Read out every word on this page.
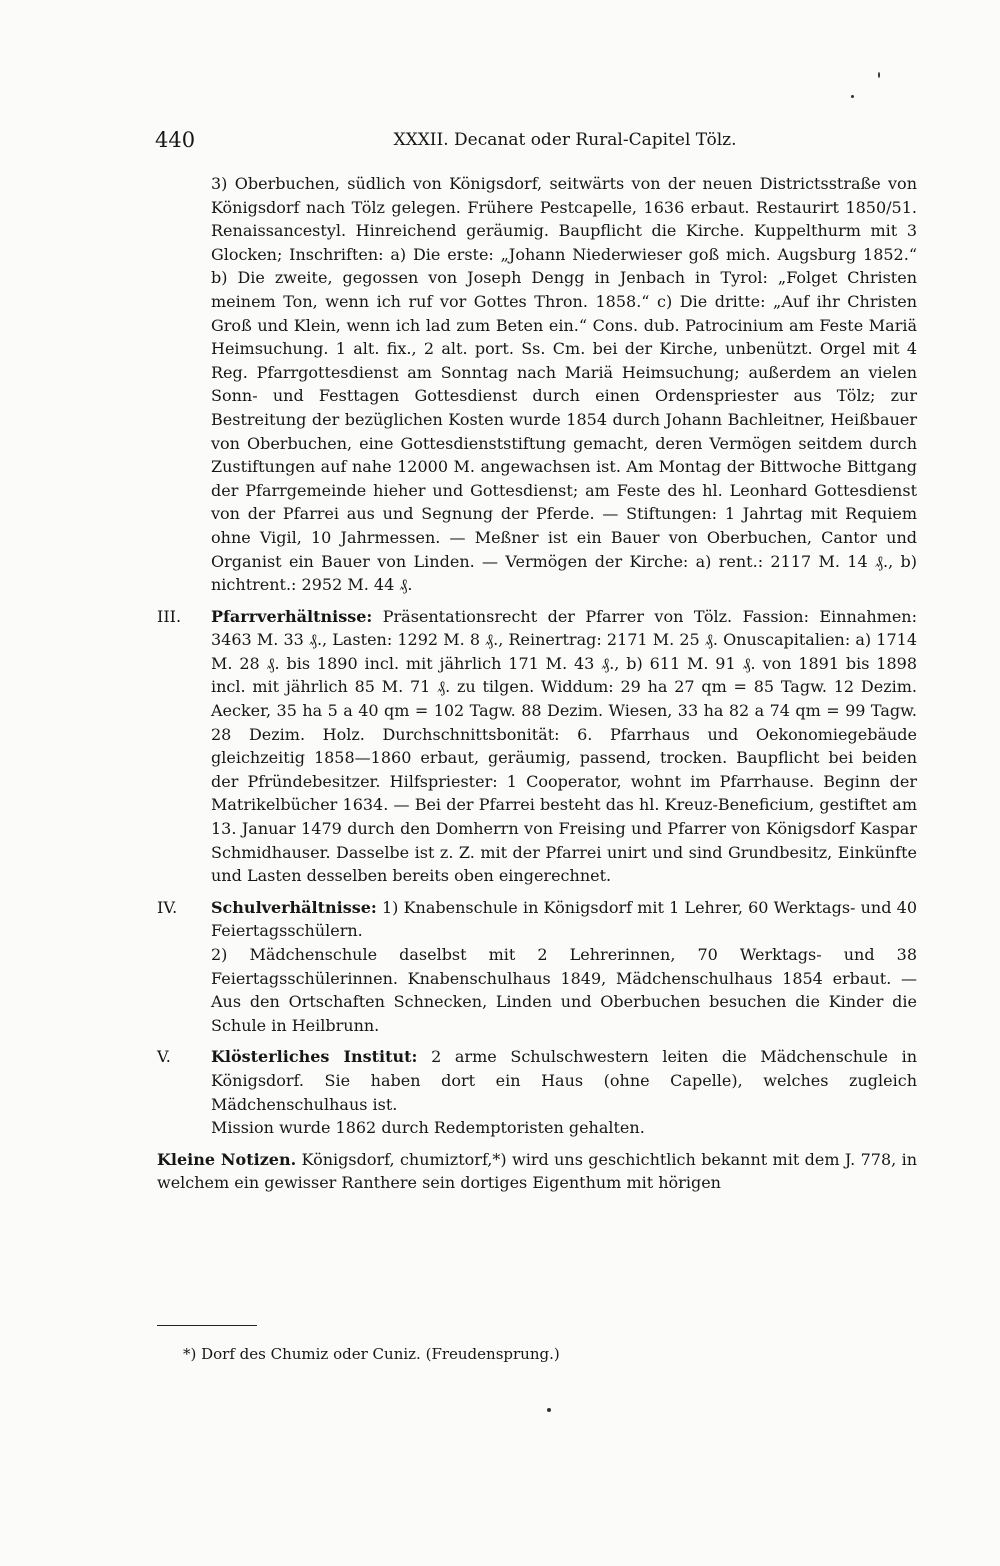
440	XXXII. Decanat oder Rural-Capitel Tölz.

3) Oberbuchen, südlich von Königsdorf, seitwärts von der neuen Districtsstraße von Königsdorf nach Tölz gelegen. Frühere Pestcapelle, 1636 erbaut. Restaurirt 1850/51. Renaissancestyl. Hinreichend geräumig. Baupflicht die Kirche. Kuppelthurm mit 3 Glocken; Inschriften: a) Die erste: „Johann Niederwieser goß mich. Augsburg 1852.“ b) Die zweite, gegossen von Joseph Dengg in Jenbach in Tyrol: „Folget Christen meinem Ton, wenn ich ruf vor Gottes Thron. 1858.“ c) Die dritte: „Auf ihr Christen Groß und Klein, wenn ich lad zum Beten ein.“ Cons. dub. Patrocinium am Feste Mariä Heimsuchung. 1 alt. fix., 2 alt. port. Ss. Cm. bei der Kirche, unbenützt. Orgel mit 4 Reg. Pfarrgottesdienst am Sonntag nach Mariä Heimsuchung; außerdem an vielen Sonn- und Festtagen Gottesdienst durch einen Ordenspriester aus Tölz; zur Bestreitung der bezüglichen Kosten wurde 1854 durch Johann Bachleitner, Heißbauer von Oberbuchen, eine Gottesdienststiftung gemacht, deren Vermögen seitdem durch Zustiftungen auf nahe 12000 M. angewachsen ist. Am Montag der Bittwoche Bittgang der Pfarrgemeinde hieher und Gottesdienst; am Feste des hl. Leonhard Gottesdienst von der Pfarrei aus und Segnung der Pferde. — Stiftungen: 1 Jahrtag mit Requiem ohne Vigil, 10 Jahrmessen. — Meßner ist ein Bauer von Oberbuchen, Cantor und Organist ein Bauer von Linden. — Vermögen der Kirche: a) rent.: 2117 M. 14 ₰., b) nichtrent.: 2952 M. 44 ₰.

III. Pfarrverhältnisse: Präsentationsrecht der Pfarrer von Tölz. Fassion: Einnahmen: 3463 M. 33 ₰., Lasten: 1292 M. 8 ₰., Reinertrag: 2171 M. 25 ₰. Onuscapitalien: a) 1714 M. 28 ₰. bis 1890 incl. mit jährlich 171 M. 43 ₰., b) 611 M. 91 ₰. von 1891 bis 1898 incl. mit jährlich 85 M. 71 ₰. zu tilgen. Widdum: 29 ha 27 qm = 85 Tagw. 12 Dezim. Aecker, 35 ha 5 a 40 qm = 102 Tagw. 88 Dezim. Wiesen, 33 ha 82 a 74 qm = 99 Tagw. 28 Dezim. Holz. Durchschnittsbonität: 6. Pfarrhaus und Oekonomiegebäude gleichzeitig 1858—1860 erbaut, geräumig, passend, trocken. Baupflicht bei beiden der Pfründebesitzer. Hilfspriester: 1 Cooperator, wohnt im Pfarrhause. Beginn der Matrikelbücher 1634. — Bei der Pfarrei besteht das hl. Kreuz-Beneficium, gestiftet am 13. Januar 1479 durch den Domherrn von Freising und Pfarrer von Königsdorf Kaspar Schmidhauser. Dasselbe ist z. Z. mit der Pfarrei unirt und sind Grundbesitz, Einkünfte und Lasten desselben bereits oben eingerechnet.

IV. Schulverhältnisse: 1) Knabenschule in Königsdorf mit 1 Lehrer, 60 Werktags- und 40 Feiertagsschülern.

2) Mädchenschule daselbst mit 2 Lehrerinnen, 70 Werktags- und 38 Feiertagsschülerinnen. Knabenschulhaus 1849, Mädchenschulhaus 1854 erbaut. — Aus den Ortschaften Schnecken, Linden und Oberbuchen besuchen die Kinder die Schule in Heilbrunn.

V.	Klösterliches Institut: 2 arme Schulschwestern leiten die Mädchenschule in Königsdorf. Sie haben dort ein Haus (ohne Capelle), welches zugleich Mädchenschulhaus ist.

Mission wurde 1862 durch Redemptoristen gehalten.

Kleine Notizen. Königsdorf, chumiztorf,*) wird uns geschichtlich bekannt mit dem J. 778, in welchem ein gewisser Ranthere sein dortiges Eigenthum mit hörigen

*) Dorf des Chumiz oder Cuniz. (Freudensprung.)
